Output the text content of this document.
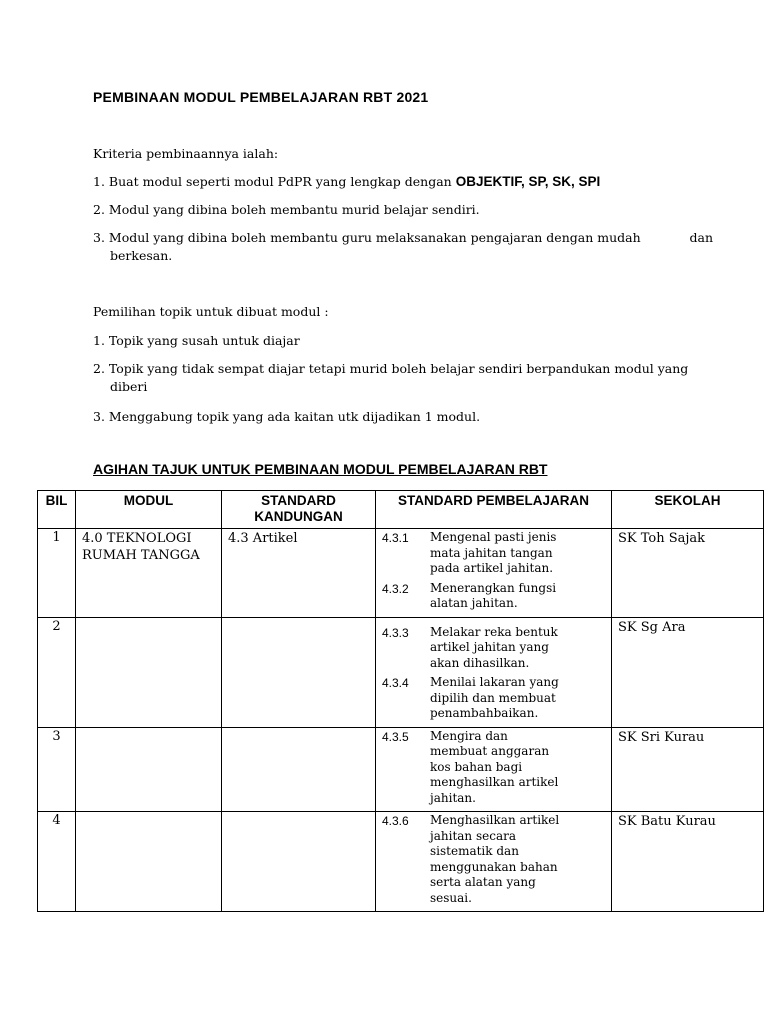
PEMBINAAN MODUL PEMBELAJARAN RBT 2021
Kriteria pembinaannya ialah:
1. Buat modul seperti modul PdPR yang lengkap dengan OBJEKTIF, SP, SK, SPI
2. Modul yang dibina boleh membantu murid belajar sendiri.
3. Modul yang dibina boleh membantu guru melaksanakan pengajaran dengan mudah	dan
berkesan.
Pemilihan topik untuk dibuat modul :
1. Topik yang susah untuk diajar
2. Topik yang tidak sempat diajar tetapi murid boleh belajar sendiri berpandukan modul yang
diberi
3. Menggabung topik yang ada kaitan utk dijadikan 1 modul.
AGIHAN TAJUK UNTUK PEMBINAAN MODUL PEMBELAJARAN RBT
BIL	MODUL	STANDARD KANDUNGAN	STANDARD PEMBELAJARAN	SEKOLAH
1	4.0 TEKNOLOGI RUMAH TANGGA	4.3 Artikel	4.3.1 Mengenal pasti jenis mata jahitan tangan pada artikel jahitan.
4.3.2 Menerangkan fungsi alatan jahitan.	SK Toh Sajak
2			4.3.3 Melakar reka bentuk artikel jahitan yang akan dihasilkan.
4.3.4 Menilai lakaran yang dipilih dan membuat penambahbaikan.	SK Sg Ara
3			4.3.5 Mengira dan membuat anggaran kos bahan bagi menghasilkan artikel jahitan.	SK Sri Kurau
4			4.3.6 Menghasilkan artikel jahitan secara sistematik dan menggunakan bahan serta alatan yang sesuai.	SK Batu Kurau
